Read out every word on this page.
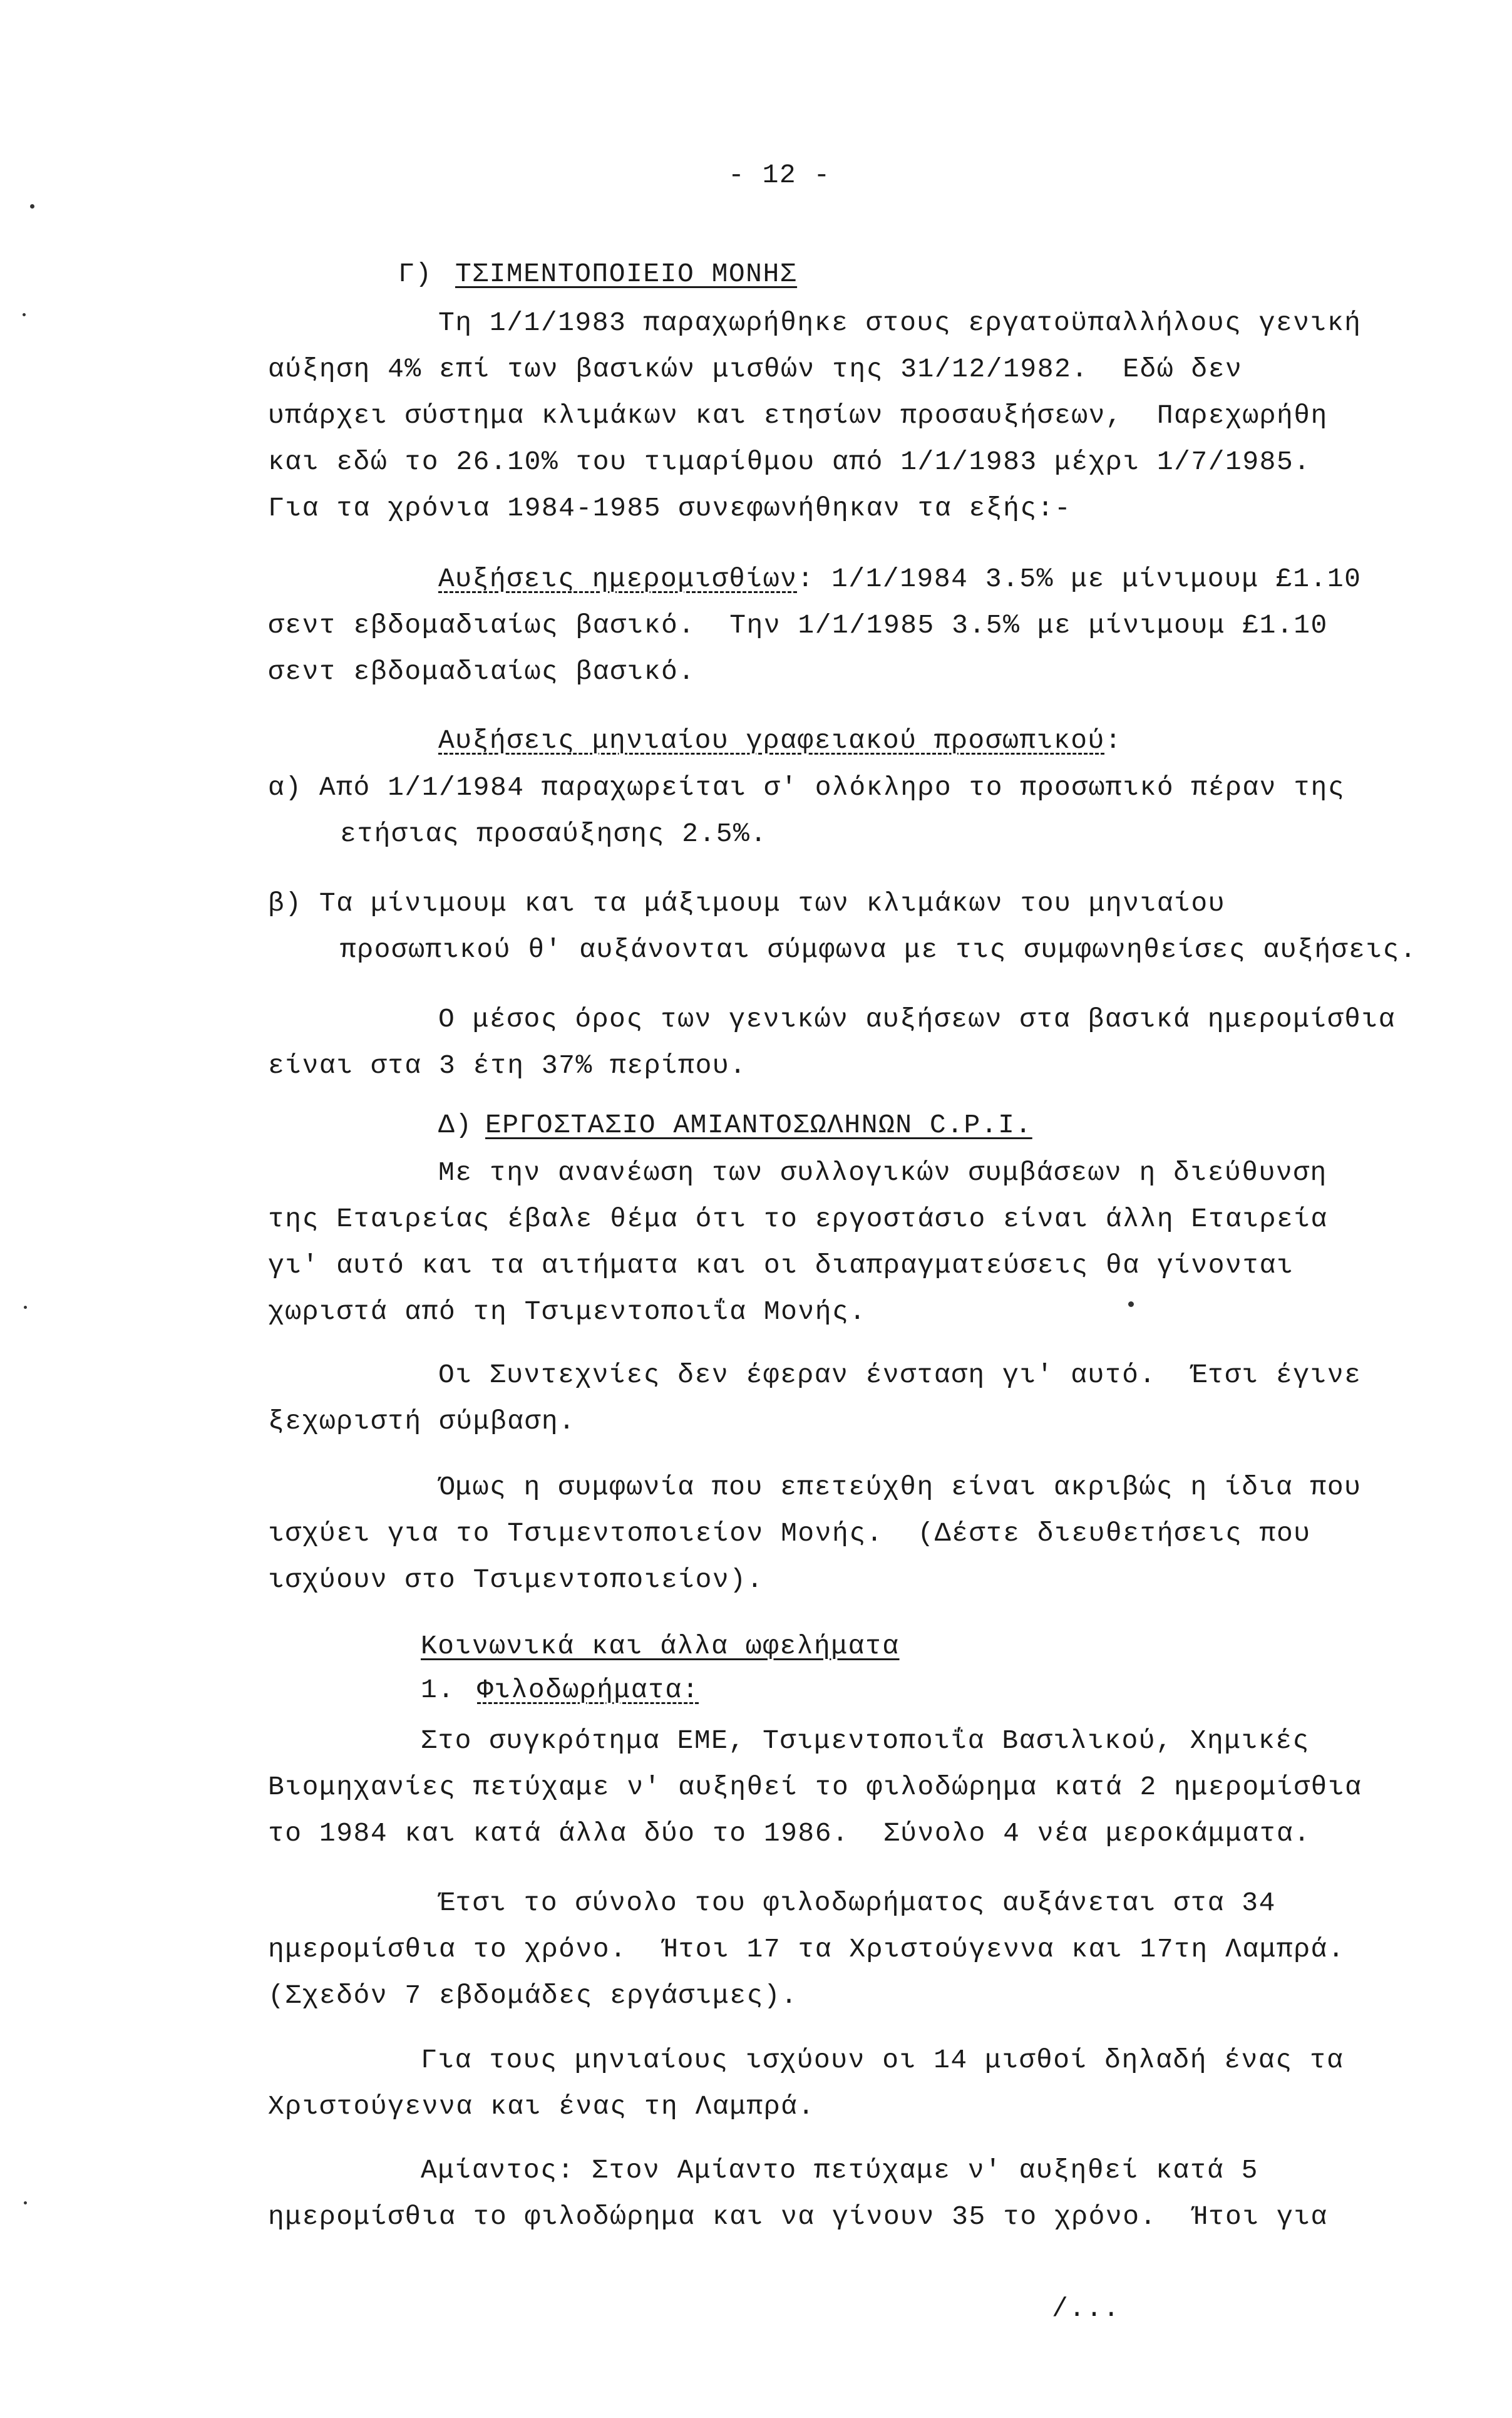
- 12 -
Γ) ΤΣΙΜΕΝΤΟΠΟΙΕΙΟ ΜΟΝΗΣ
Τη 1/1/1983 παραχωρήθηκε στους εργατοϋπαλλήλους γενική
αύξηση 4% επί των βασικών μισθών της 31/12/1982.  Εδώ δεν
υπάρχει σύστημα κλιμάκων και ετησίων προσαυξήσεων,  Παρεχωρήθη
και εδώ το 26.10% του τιμαρίθμου από 1/1/1983 μέχρι 1/7/1985.
Για τα χρόνια 1984-1985 συνεφωνήθηκαν τα εξής:-
Αυξήσεις ημερομισθίων: 1/1/1984 3.5% με μίνιμουμ £1.10
σεντ εβδομαδιαίως βασικό.  Την 1/1/1985 3.5% με μίνιμουμ £1.10
σεντ εβδομαδιαίως βασικό.
Αυξήσεις μηνιαίου γραφειακού προσωπικού:
α) Από 1/1/1984 παραχωρείται σ' ολόκληρο το προσωπικό πέραν της
ετήσιας προσαύξησης 2.5%.
β) Τα μίνιμουμ και τα μάξιμουμ των κλιμάκων του μηνιαίου
προσωπικού θ' αυξάνονται σύμφωνα με τις συμφωνηθείσες αυξήσεις.
Ο μέσος όρος των γενικών αυξήσεων στα βασικά ημερομίσθια
είναι στα 3 έτη 37% περίπου.
Δ) ΕΡΓΟΣΤΑΣΙΟ ΑΜΙΑΝΤΟΣΩΛΗΝΩΝ C.P.I.
Με την ανανέωση των συλλογικών συμβάσεων η διεύθυνση
της Εταιρείας έβαλε θέμα ότι το εργοστάσιο είναι άλλη Εταιρεία
γι' αυτό και τα αιτήματα και οι διαπραγματεύσεις θα γίνονται
χωριστά από τη Τσιμεντοποιΐα Μονής.
Οι Συντεχνίες δεν έφεραν ένσταση γι' αυτό.  Έτσι έγινε
ξεχωριστή σύμβαση.
Όμως η συμφωνία που επετεύχθη είναι ακριβώς η ίδια που
ισχύει για το Τσιμεντοποιείον Μονής.  (Δέστε διευθετήσεις που
ισχύουν στο Τσιμεντοποιείον).
Κοινωνικά και άλλα ωφελήματα
1. Φιλοδωρήματα:
Στο συγκρότημα ΕΜΕ, Τσιμεντοποιΐα Βασιλικού, Χημικές
Βιομηχανίες πετύχαμε ν' αυξηθεί το φιλοδώρημα κατά 2 ημερομίσθια
το 1984 και κατά άλλα δύο το 1986.  Σύνολο 4 νέα μεροκάμματα.
Έτσι το σύνολο του φιλοδωρήματος αυξάνεται στα 34
ημερομίσθια το χρόνο.  Ήτοι 17 τα Χριστούγεννα και 17τη Λαμπρά.
(Σχεδόν 7 εβδομάδες εργάσιμες).
Για τους μηνιαίους ισχύουν οι 14 μισθοί δηλαδή ένας τα
Χριστούγεννα και ένας τη Λαμπρά.
Αμίαντος: Στον Αμίαντο πετύχαμε ν' αυξηθεί κατά 5
ημερομίσθια το φιλοδώρημα και να γίνουν 35 το χρόνο.  Ήτοι για
/...
